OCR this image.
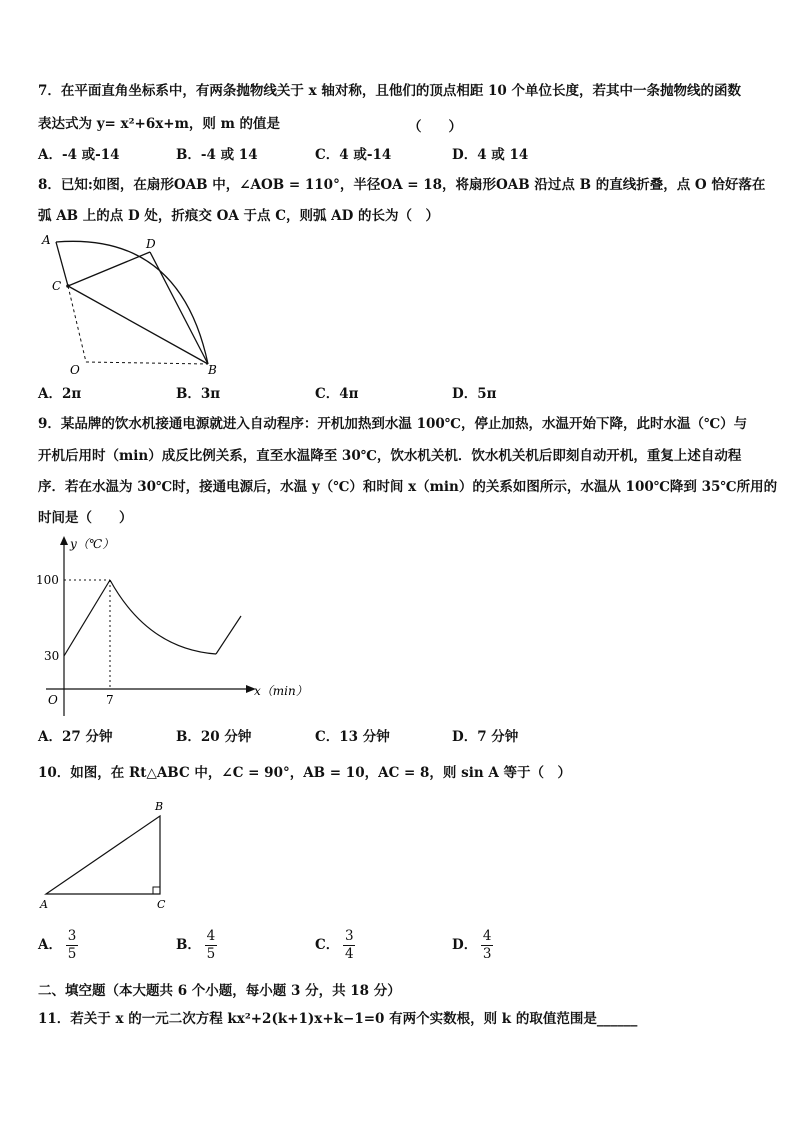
7．在平面直角坐标系中，有两条抛物线关于 x 轴对称，且他们的顶点相距 10 个单位长度，若其中一条抛物线的函数
表达式为 y= x²+6x+m，则 m 的值是	（　　）
A．-4 或-14	B．-4 或 14	C．4 或-14	D．4 或 14
8．已知:如图，在扇形OAB 中，∠AOB = 110°，半径OA = 18，将扇形OAB 沿过点 B 的直线折叠，点 O 恰好落在
弧 AB 上的点 D 处，折痕交 OA 于点 C，则弧 AD 的长为（　）
A	D
C
O	B
A．2π	B．3π	C．4π	D．5π
9．某品牌的饮水机接通电源就进入自动程序：开机加热到水温 100℃，停止加热，水温开始下降，此时水温（℃）与
开机后用时（min）成反比例关系，直至水温降至 30℃，饮水机关机．饮水机关机后即刻自动开机，重复上述自动程
序．若在水温为 30℃时，接通电源后，水温 y（℃）和时间 x（min）的关系如图所示，水温从 100℃降到 35℃所用的
时间是（　　）
y（℃）
x（min）
100
30
O	7
A．27 分钟	B．20 分钟	C．13 分钟	D．7 分钟
10．如图，在 Rt△ABC 中，∠C = 90°，AB = 10，AC = 8，则 sin A 等于（　）
B
A	C
A． $\frac{3}{5}$	B． $\frac{4}{5}$	C． $\frac{3}{4}$	D． $\frac{4}{3}$
二、填空题（本大题共 6 个小题，每小题 3 分，共 18 分）
11．若关于 x 的一元二次方程 kx²+2(k+1)x+k−1=0 有两个实数根，则 k 的取值范围是______
